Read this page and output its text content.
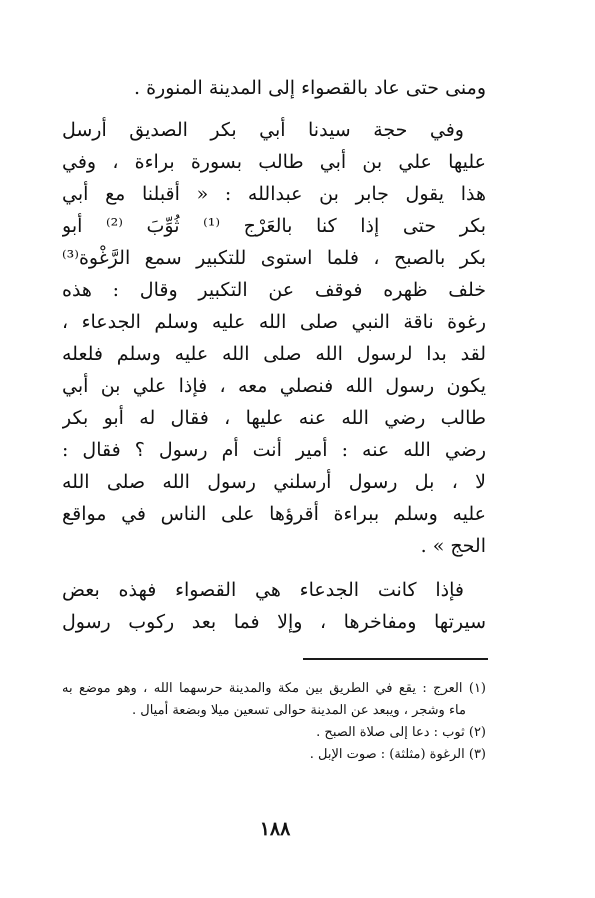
ومنى حتى عاد بالقصواء إلى المدينة المنورة .
وفي حجة سيدنا أبي بكر الصديق أرسل
عليها علي بن أبي طالب بسورة براءة ، وفي
هذا يقول جابر بن عبدالله : « أقبلنا مع أبي
بكر حتى إذا كنا بالعَرْج ⁽¹⁾ ثُوِّبَ ⁽²⁾ أبو
بكر بالصبح ، فلما استوى للتكبير سمع الرَّغْوة⁽³⁾
خلف ظهره فوقف عن التكبير وقال : هذه
رغوة ناقة النبي صلى الله عليه وسلم الجدعاء ،
لقد بدا لرسول الله صلى الله عليه وسلم فلعله
يكون رسول الله فنصلي معه ، فإذا علي بن أبي
طالب رضي الله عنه عليها ، فقال له أبو بكر
رضي الله عنه : أمير أنت أم رسول ؟ فقال :
لا ، بل رسول أرسلني رسول الله صلى الله
عليه وسلم ببراءة أقرؤها على الناس في مواقع
الحج » .
فإذا كانت الجدعاء هي القصواء فهذه بعض
سيرتها ومفاخرها ، وإلا فما بعد ركوب رسول
(١) العرج : يقع في الطريق بين مكة والمدينة حرسهما الله ، وهو موضع به
ماء وشجر ، ويبعد عن المدينة حوالى تسعين ميلا وبضعة أميال .
(٢) ثوب : دعا إلى صلاة الصبح .
(٣) الرغوة (مثلثة) : صوت الإبل .
١٨٨
